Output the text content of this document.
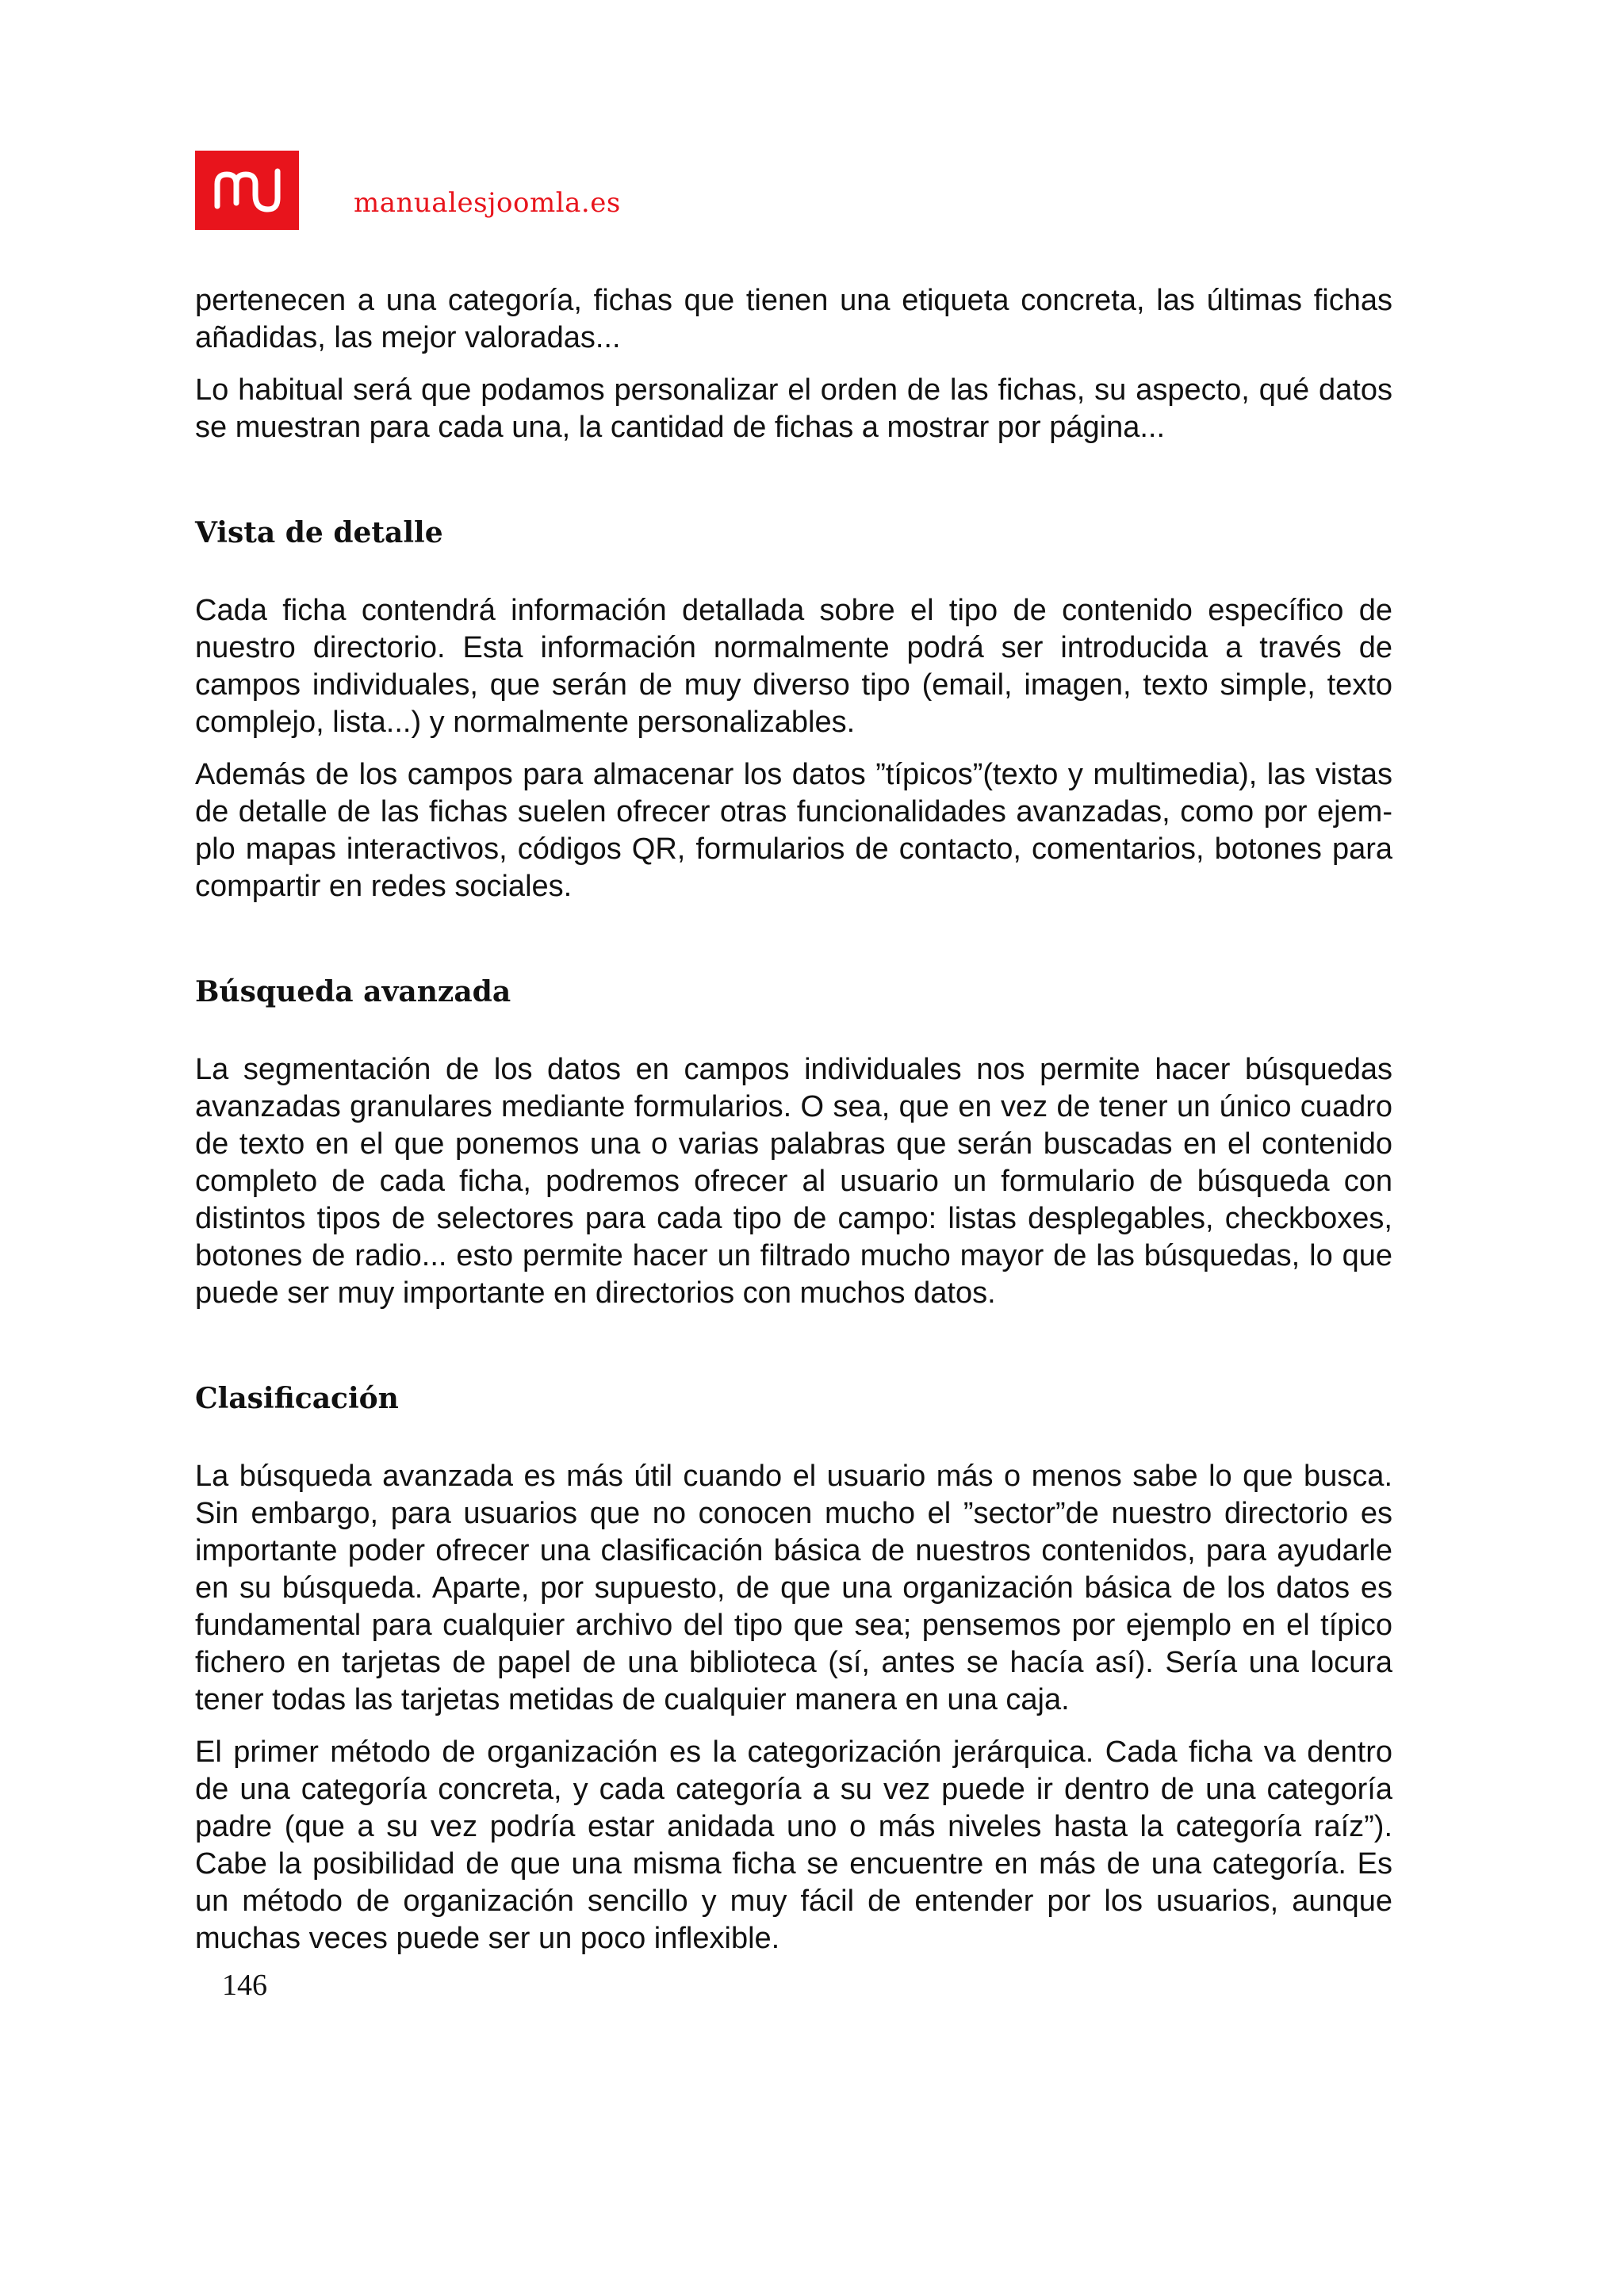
manualesjoomla.es

pertenecen a una categoría, fichas que tienen una etiqueta concreta, las últimas fichas añadidas, las mejor valoradas...

Lo habitual será que podamos personalizar el orden de las fichas, su aspecto, qué datos se muestran para cada una, la cantidad de fichas a mostrar por página...

Vista de detalle

Cada ficha contendrá información detallada sobre el tipo de contenido específico de nuestro directorio. Esta información normalmente podrá ser introducida a través de campos individuales, que serán de muy diverso tipo (email, imagen, texto simple, texto complejo, lista...) y normalmente personalizables.

Además de los campos para almacenar los datos ”típicos”(texto y multimedia), las vistas de detalle de las fichas suelen ofrecer otras funcionalidades avanzadas, como por ejemplo mapas interactivos, códigos QR, formularios de contacto, comentarios, botones para compartir en redes sociales.

Búsqueda avanzada

La segmentación de los datos en campos individuales nos permite hacer búsquedas avanzadas granulares mediante formularios. O sea, que en vez de tener un único cuadro de texto en el que ponemos una o varias palabras que serán buscadas en el contenido completo de cada ficha, podremos ofrecer al usuario un formulario de búsqueda con distintos tipos de selectores para cada tipo de campo: listas desplegables, checkboxes, botones de radio... esto permite hacer un filtrado mucho mayor de las búsquedas, lo que puede ser muy importante en directorios con muchos datos.

Clasificación

La búsqueda avanzada es más útil cuando el usuario más o menos sabe lo que busca. Sin embargo, para usuarios que no conocen mucho el ”sector”de nuestro directorio es importante poder ofrecer una clasificación básica de nuestros contenidos, para ayudarle en su búsqueda. Aparte, por supuesto, de que una organización básica de los datos es fundamental para cualquier archivo del tipo que sea; pensemos por ejemplo en el típico fichero en tarjetas de papel de una biblioteca (sí, antes se hacía así). Sería una locura tener todas las tarjetas metidas de cualquier manera en una caja.

El primer método de organización es la categorización jerárquica. Cada ficha va dentro de una categoría concreta, y cada categoría a su vez puede ir dentro de una categoría padre (que a su vez podría estar anidada uno o más niveles hasta la categoría raíz”). Cabe la posibilidad de que una misma ficha se encuentre en más de una categoría. Es un método de organización sencillo y muy fácil de entender por los usuarios, aunque muchas veces puede ser un poco inflexible.

146
